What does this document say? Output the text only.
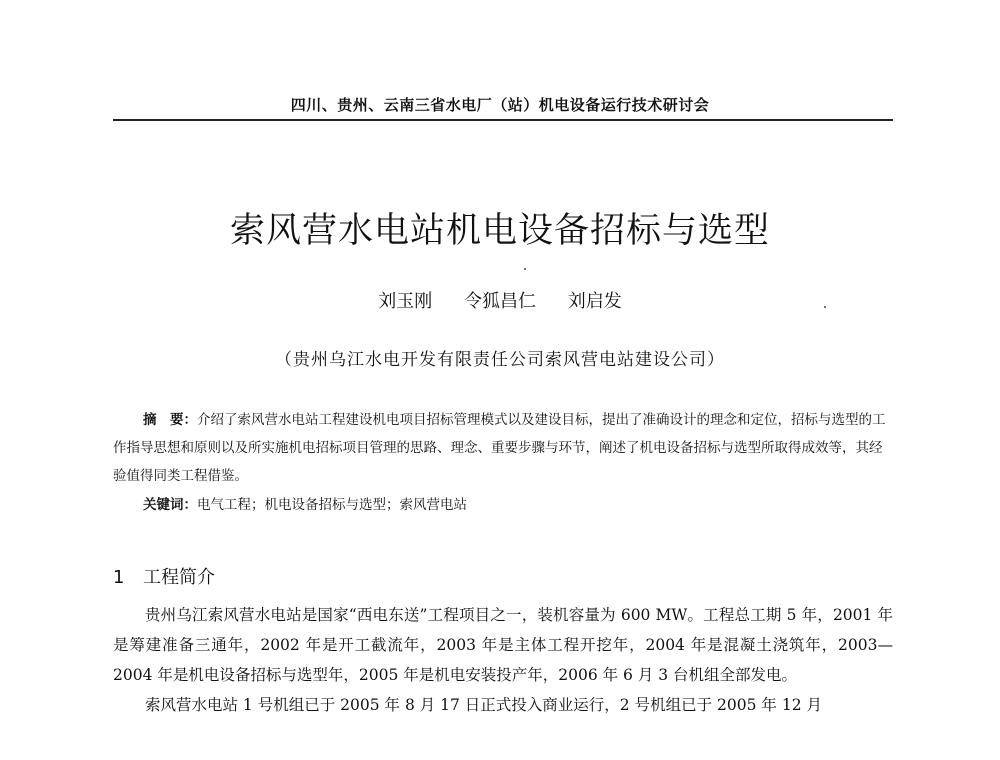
四川、贵州、云南三省水电厂（站）机电设备运行技术研讨会
索风营水电站机电设备招标与选型
刘玉刚 令狐昌仁 刘启发
（贵州乌江水电开发有限责任公司索风营电站建设公司）
摘　要：介绍了索风营水电站工程建设机电项目招标管理模式以及建设目标，提出了准确设计的理念和定位，招标与选型的工作指导思想和原则以及所实施机电招标项目管理的思路、理念、重要步骤与环节，阐述了机电设备招标与选型所取得成效等，其经验值得同类工程借鉴。
关键词：电气工程；机电设备招标与选型；索风营电站
1 工程简介

贵州乌江索风营水电站是国家“西电东送”工程项目之一，装机容量为 600 MW。工程总工期 5 年，2001 年是筹建准备三通年，2002 年是开工截流年，2003 年是主体工程开挖年，2004 年是混凝土浇筑年，2003—2004 年是机电设备招标与选型年，2005 年是机电安装投产年，2006 年 6 月 3 台机组全部发电。

索风营水电站 1 号机组已于 2005 年 8 月 17 日正式投入商业运行，2 号机组已于 2005 年 12 月
